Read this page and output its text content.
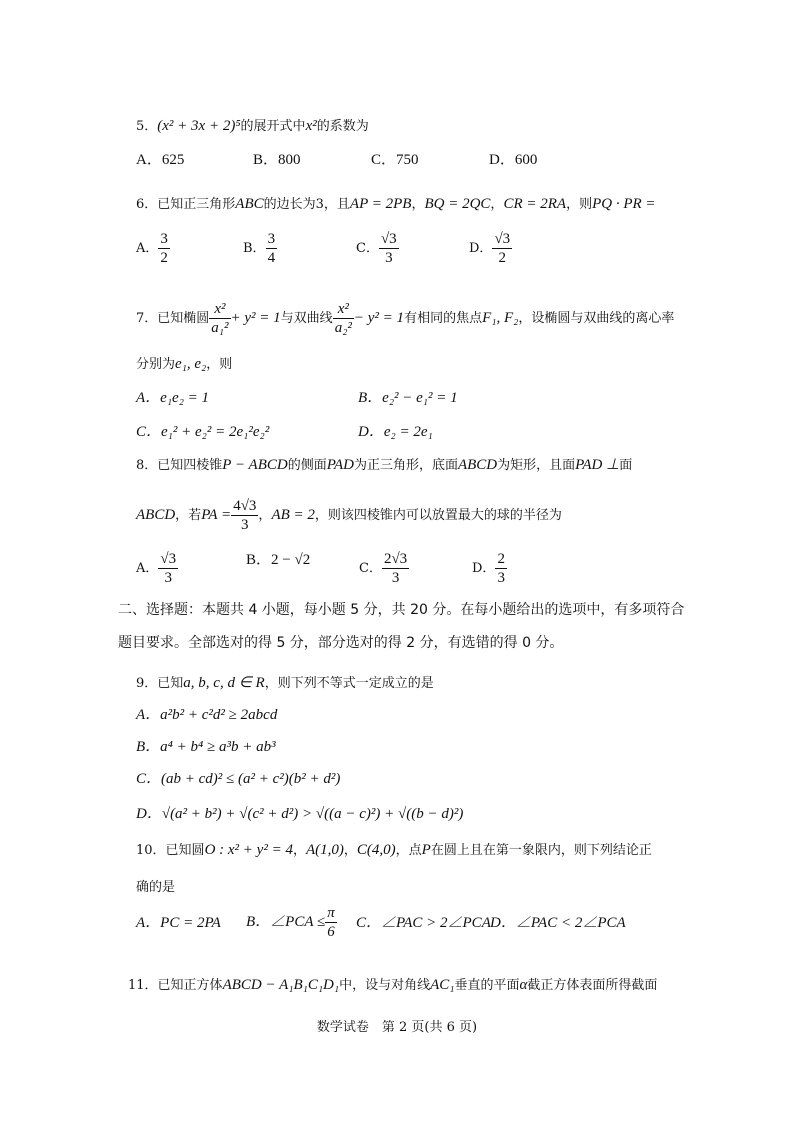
5．(x² + 3x + 2)⁵的展开式中x²的系数为
A．625	B．800	C．750	D．600
6．已知正三角形ABC的边长为3，且AP = 2PB，BQ = 2QC，CR = 2RA，则PQ · PR =
A． $\frac{3}{2}$	B． $\frac{3}{4}$	C． $\frac{√3}{3}$	D． $\frac{√3}{2}$
7．已知椭圆 $\frac{\text{x²}}{\text{a₁²}} + y^2 = 1$与双曲线 $\frac{\text{x²}}{\text{a₂²}} - y^2 = 1$有相同的焦点F₁, F₂，设椭圆与双曲线的离心率
分别为e₁, e₂，则
A．e₁e₂ = 1	B．e₂² − e₁² = 1
C．e₁² + e₂² = 2e₁²e₂²	D．e₂ = 2e₁
8．已知四棱锥P − ABCD的侧面PAD为正三角形，底面ABCD为矩形，且面PAD ⊥面
ABCD，若PA = $\frac{4√3}{3}$ ，AB = 2，则该四棱锥内可以放置最大的球的半径为
A． $\frac{√3}{3}$	B．2 − √2
C． $\frac{2√3}{3}$	D． $\frac{2}{3}$
二、选择题：本题共 4 小题，每小题 5 分，共 20 分。在每小题给出的选项中，有多项符合
题目要求。全部选对的得 5 分，部分选对的得 2 分，有选错的得 0 分。
9．已知a, b, c, d ∈ R，则下列不等式一定成立的是
A．a²b² + c²d² ≥ 2abcd
B．a⁴ + b⁴ ≥ a³b + ab³
C．(ab + cd)² ≤ (a² + c²)(b² + d²)
D．√(a² + b²) + √(c² + d²) > √((a − c)²) + √((b − d)²)
10．已知圆O : x² + y² = 4，A(1,0)，C(4,0)，点P在圆上且在第一象限内，则下列结论正
确的是
A．PC = 2PA B．∠PCA ≤ $\frac{\pi}{6}$ C．∠PAC > 2∠PCA D．∠PAC < 2∠PCA
11．已知正方体ABCD − A₁B₁C₁D₁中，设与对角线AC₁垂直的平面α截正方体表面所得截面
数学试卷　第 2 页(共 6 页)
